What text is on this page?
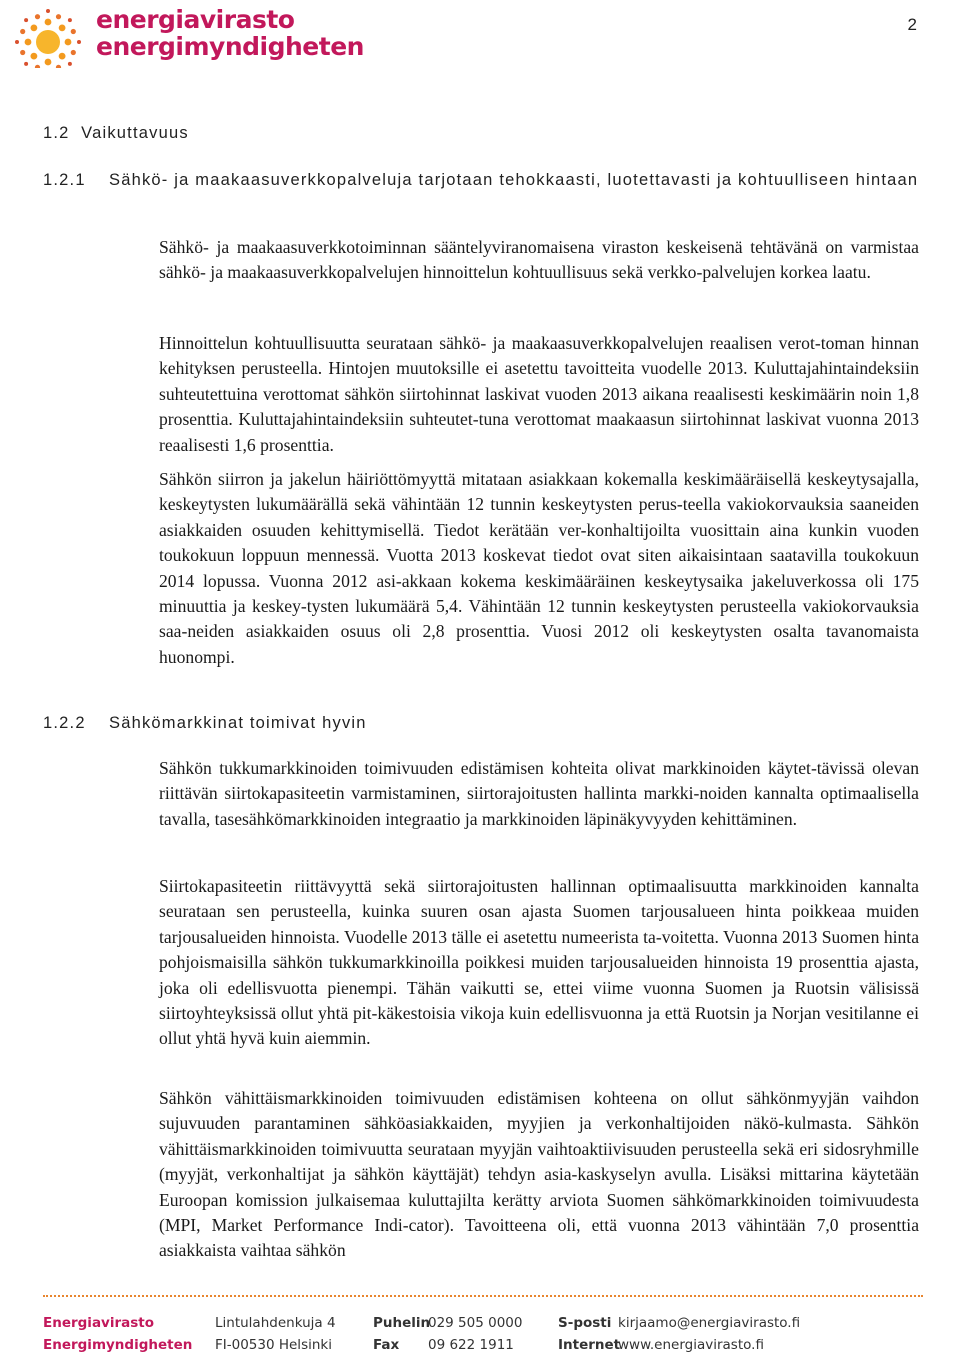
energiavirasto
energimyndigheten
2
1.2 Vaikuttavuus
1.2.1 Sähkö- ja maakaasuverkkopalveluja tarjotaan tehokkaasti, luotettavasti ja kohtuulliseen hintaan

Sähkö- ja maakaasuverkkotoiminnan sääntelyviranomaisena viraston keskeisenä tehtävänä on varmistaa sähkö- ja maakaasuverkkopalvelujen hinnoittelun kohtuullisuus sekä verkko-palvelujen korkea laatu.

Hinnoittelun kohtuullisuutta seurataan sähkö- ja maakaasuverkkopalvelujen reaalisen verot-toman hinnan kehityksen perusteella. Hintojen muutoksille ei asetettu tavoitteita vuodelle 2013. Kuluttajahintaindeksiin suhteutettuina verottomat sähkön siirtohinnat laskivat vuoden 2013 aikana reaalisesti keskimäärin noin 1,8 prosenttia. Kuluttajahintaindeksiin suhteutet-tuna verottomat maakaasun siirtohinnat laskivat vuonna 2013 reaalisesti 1,6 prosenttia.

Sähkön siirron ja jakelun häiriöttömyyttä mitataan asiakkaan kokemalla keskimääräisellä keskeytysajalla, keskeytysten lukumäärällä sekä vähintään 12 tunnin keskeytysten perus-teella vakiokorvauksia saaneiden asiakkaiden osuuden kehittymisellä. Tiedot kerätään ver-konhaltijoilta vuosittain aina kunkin vuoden toukokuun loppuun mennessä. Vuotta 2013 koskevat tiedot ovat siten aikaisintaan saatavilla toukokuun 2014 lopussa. Vuonna 2012 asi-akkaan kokema keskimääräinen keskeytysaika jakeluverkossa oli 175 minuuttia ja keskey-tysten lukumäärä 5,4. Vähintään 12 tunnin keskeytysten perusteella vakiokorvauksia saa-neiden asiakkaiden osuus oli 2,8 prosenttia. Vuosi 2012 oli keskeytysten osalta tavanomaista huonompi.

1.2.2 Sähkömarkkinat toimivat hyvin

Sähkön tukkumarkkinoiden toimivuuden edistämisen kohteita olivat markkinoiden käytet-tävissä olevan riittävän siirtokapasiteetin varmistaminen, siirtorajoitusten hallinta markki-noiden kannalta optimaalisella tavalla, tasesähkömarkkinoiden integraatio ja markkinoiden läpinäkyvyyden kehittäminen.

Siirtokapasiteetin riittävyyttä sekä siirtorajoitusten hallinnan optimaalisuutta markkinoiden kannalta seurataan sen perusteella, kuinka suuren osan ajasta Suomen tarjousalueen hinta poikkeaa muiden tarjousalueiden hinnoista. Vuodelle 2013 tälle ei asetettu numeerista ta-voitetta. Vuonna 2013 Suomen hinta pohjoismaisilla sähkön tukkumarkkinoilla poikkesi muiden tarjousalueiden hinnoista 19 prosenttia ajasta, joka oli edellisvuotta pienempi. Tähän vaikutti se, ettei viime vuonna Suomen ja Ruotsin välisissä siirtoyhteyksissä ollut yhtä pit-käkestoisia vikoja kuin edellisvuonna ja että Ruotsin ja Norjan vesitilanne ei ollut yhtä hyvä kuin aiemmin.

Sähkön vähittäismarkkinoiden toimivuuden edistämisen kohteena on ollut sähkönmyyjän vaihdon sujuvuuden parantaminen sähköasiakkaiden, myyjien ja verkonhaltijoiden näkö-kulmasta. Sähkön vähittäismarkkinoiden toimivuutta seurataan myyjän vaihtoaktiivisuuden perusteella sekä eri sidosryhmille (myyjät, verkonhaltijat ja sähkön käyttäjät) tehdyn asia-kaskyselyn avulla. Lisäksi mittarina käytetään Euroopan komission julkaisemaa kuluttajilta kerätty arviota Suomen sähkömarkkinoiden toimivuudesta (MPI, Market Performance Indi-cator). Tavoitteena oli, että vuonna 2013 vähintään 7,0 prosenttia asiakkaista vaihtaa sähkön

Energiavirasto
Energimyndigheten
Lintulahdenkuja 4
FI-00530 Helsinki
Puhelin
Fax
029 505 0000
09 622 1911
S-posti
Internet
kirjaamo@energiavirasto.fi
www.energiavirasto.fi
